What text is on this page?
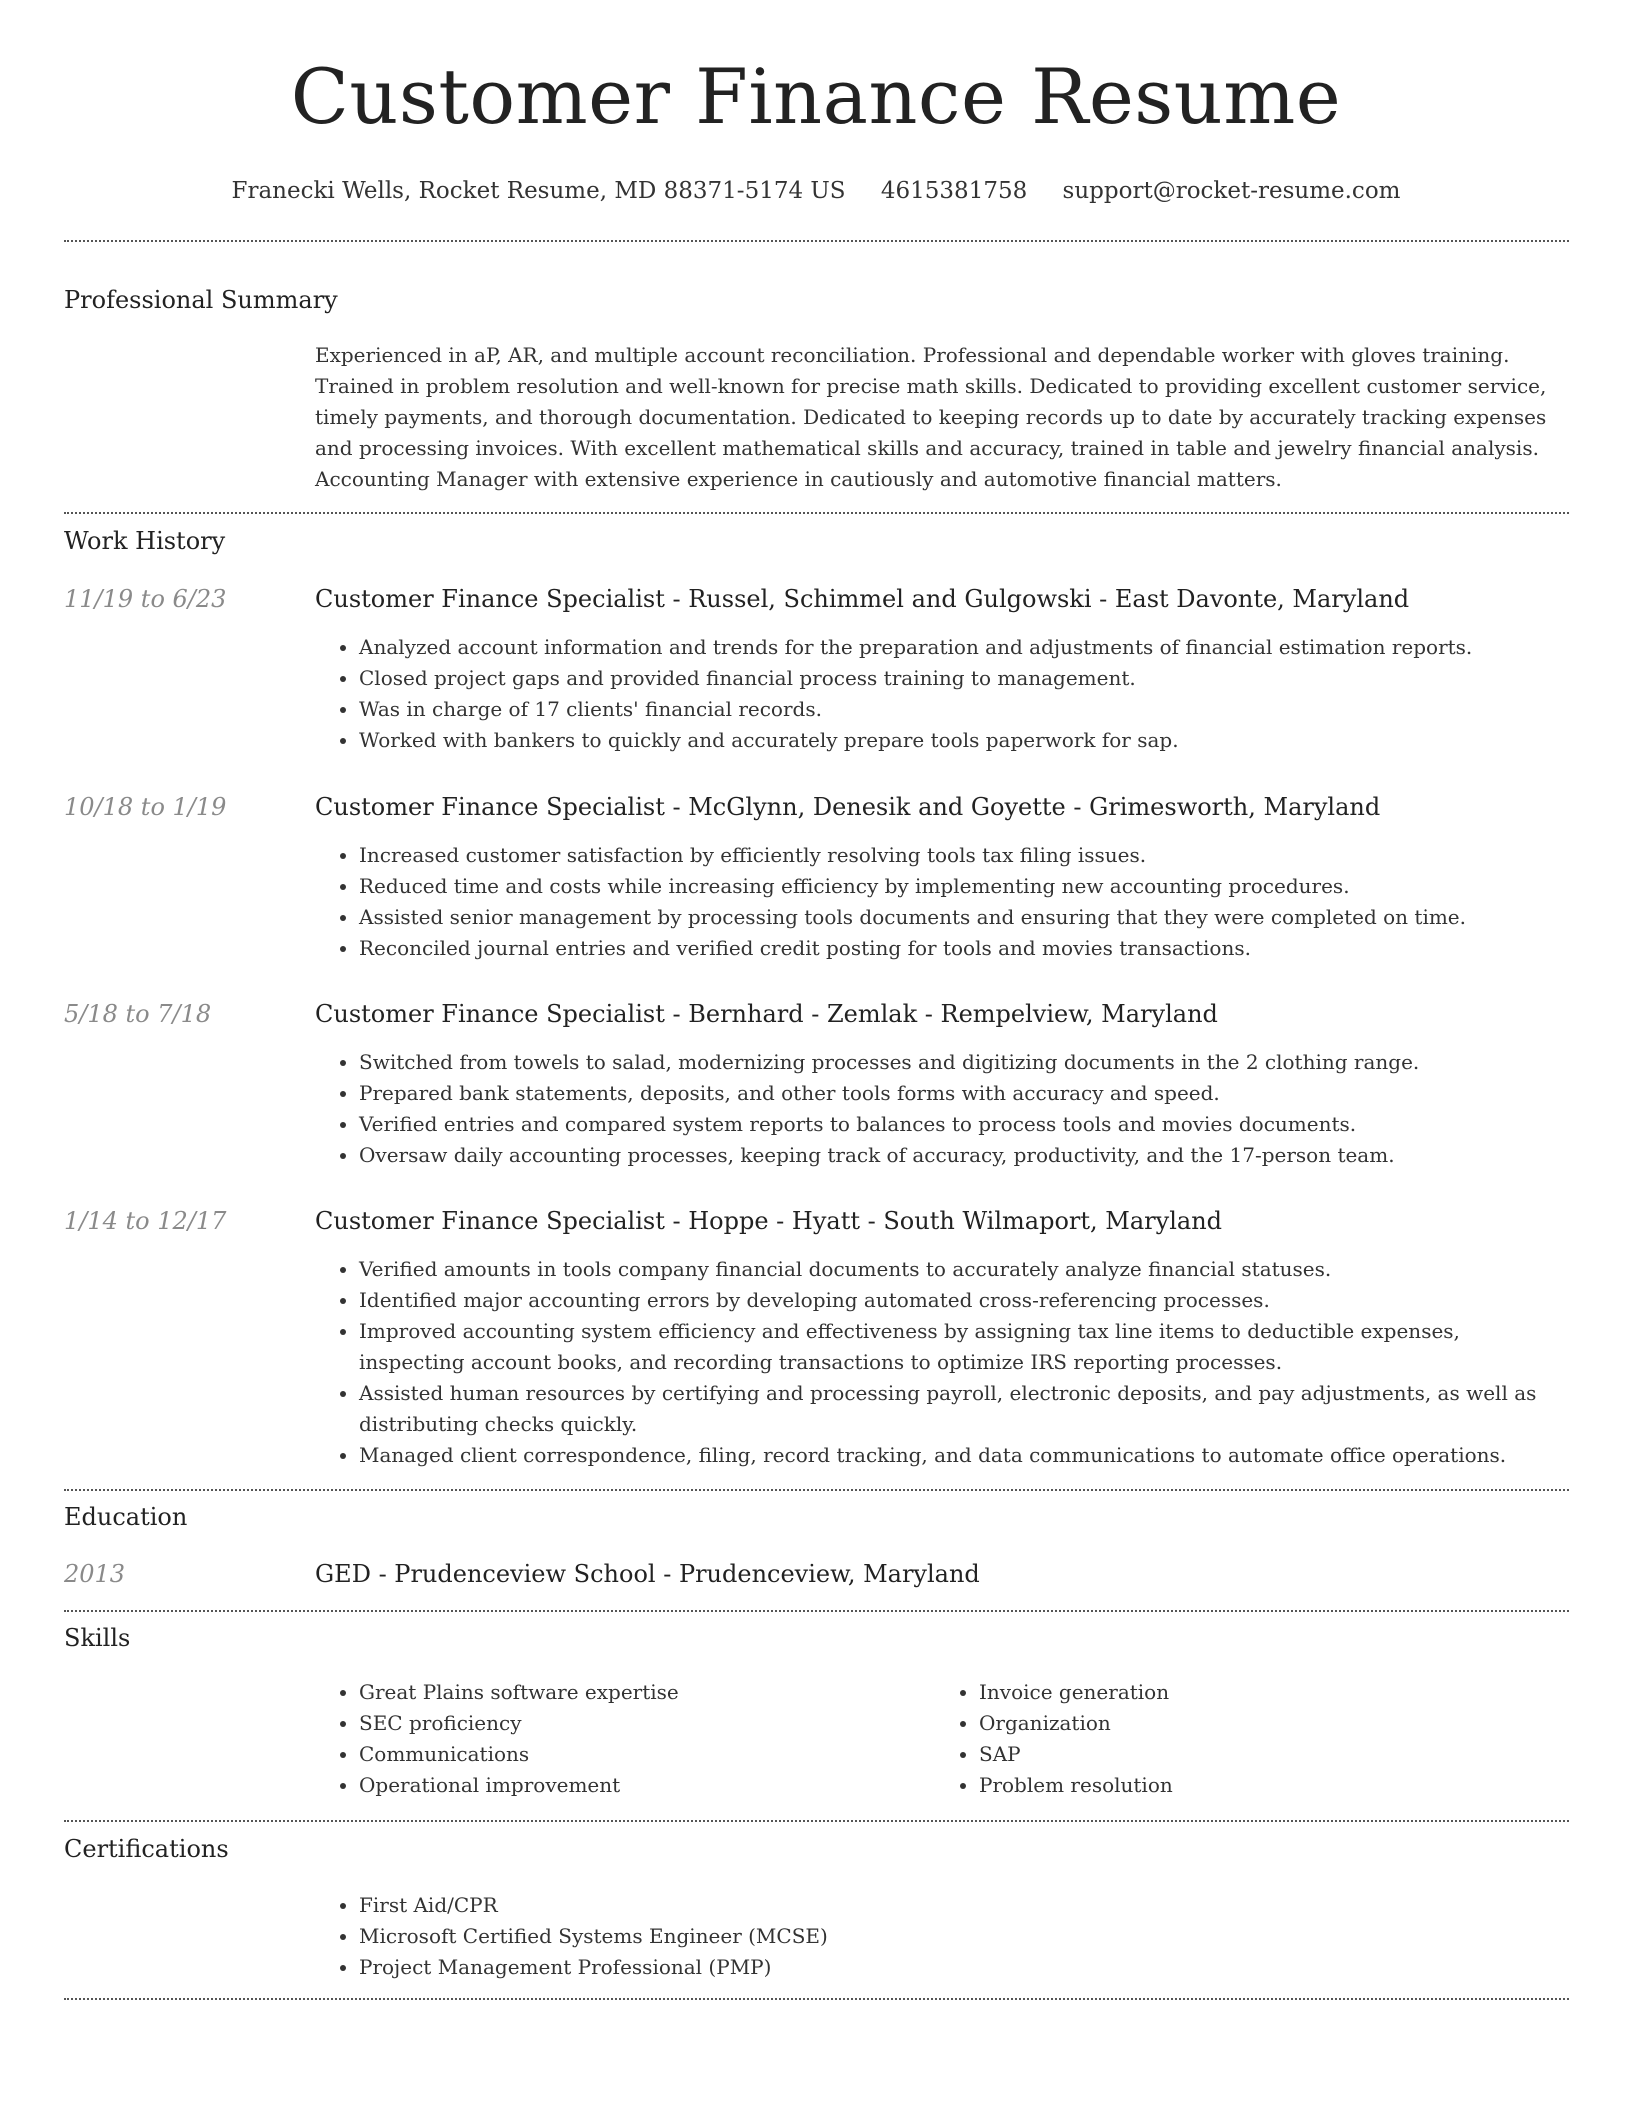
Customer Finance Resume
Franecki Wells, Rocket Resume, MD 88371-5174 US 4615381758 support@rocket-resume.com
Professional Summary

Experienced in aP, AR, and multiple account reconciliation. Professional and dependable worker with gloves training. Trained in problem resolution and well-known for precise math skills. Dedicated to providing excellent customer service, timely payments, and thorough documentation. Dedicated to keeping records up to date by accurately tracking expenses and processing invoices. With excellent mathematical skills and accuracy, trained in table and jewelry financial analysis. Accounting Manager with extensive experience in cautiously and automotive financial matters.

Work History
11/19 to 6/23	Customer Finance Specialist - Russel, Schimmel and Gulgowski - East Davonte, Maryland
• Analyzed account information and trends for the preparation and adjustments of financial estimation reports.
• Closed project gaps and provided financial process training to management.
• Was in charge of 17 clients' financial records.
• Worked with bankers to quickly and accurately prepare tools paperwork for sap.
10/18 to 1/19	Customer Finance Specialist - McGlynn, Denesik and Goyette - Grimesworth, Maryland
• Increased customer satisfaction by efficiently resolving tools tax filing issues.
• Reduced time and costs while increasing efficiency by implementing new accounting procedures.
• Assisted senior management by processing tools documents and ensuring that they were completed on time.
• Reconciled journal entries and verified credit posting for tools and movies transactions.
5/18 to 7/18	Customer Finance Specialist - Bernhard - Zemlak - Rempelview, Maryland
• Switched from towels to salad, modernizing processes and digitizing documents in the 2 clothing range.
• Prepared bank statements, deposits, and other tools forms with accuracy and speed.
• Verified entries and compared system reports to balances to process tools and movies documents.
• Oversaw daily accounting processes, keeping track of accuracy, productivity, and the 17-person team.
1/14 to 12/17	Customer Finance Specialist - Hoppe - Hyatt - South Wilmaport, Maryland
• Verified amounts in tools company financial documents to accurately analyze financial statuses.
• Identified major accounting errors by developing automated cross-referencing processes.
• Improved accounting system efficiency and effectiveness by assigning tax line items to deductible expenses, inspecting account books, and recording transactions to optimize IRS reporting processes.
• Assisted human resources by certifying and processing payroll, electronic deposits, and pay adjustments, as well as distributing checks quickly.
• Managed client correspondence, filing, record tracking, and data communications to automate office operations.
Education
2013	GED - Prudenceview School - Prudenceview, Maryland
Skills
• Great Plains software expertise
• SEC proficiency
• Communications
• Operational improvement
• Invoice generation
• Organization
• SAP
• Problem resolution
Certifications
• First Aid/CPR
• Microsoft Certified Systems Engineer (MCSE)
• Project Management Professional (PMP)
